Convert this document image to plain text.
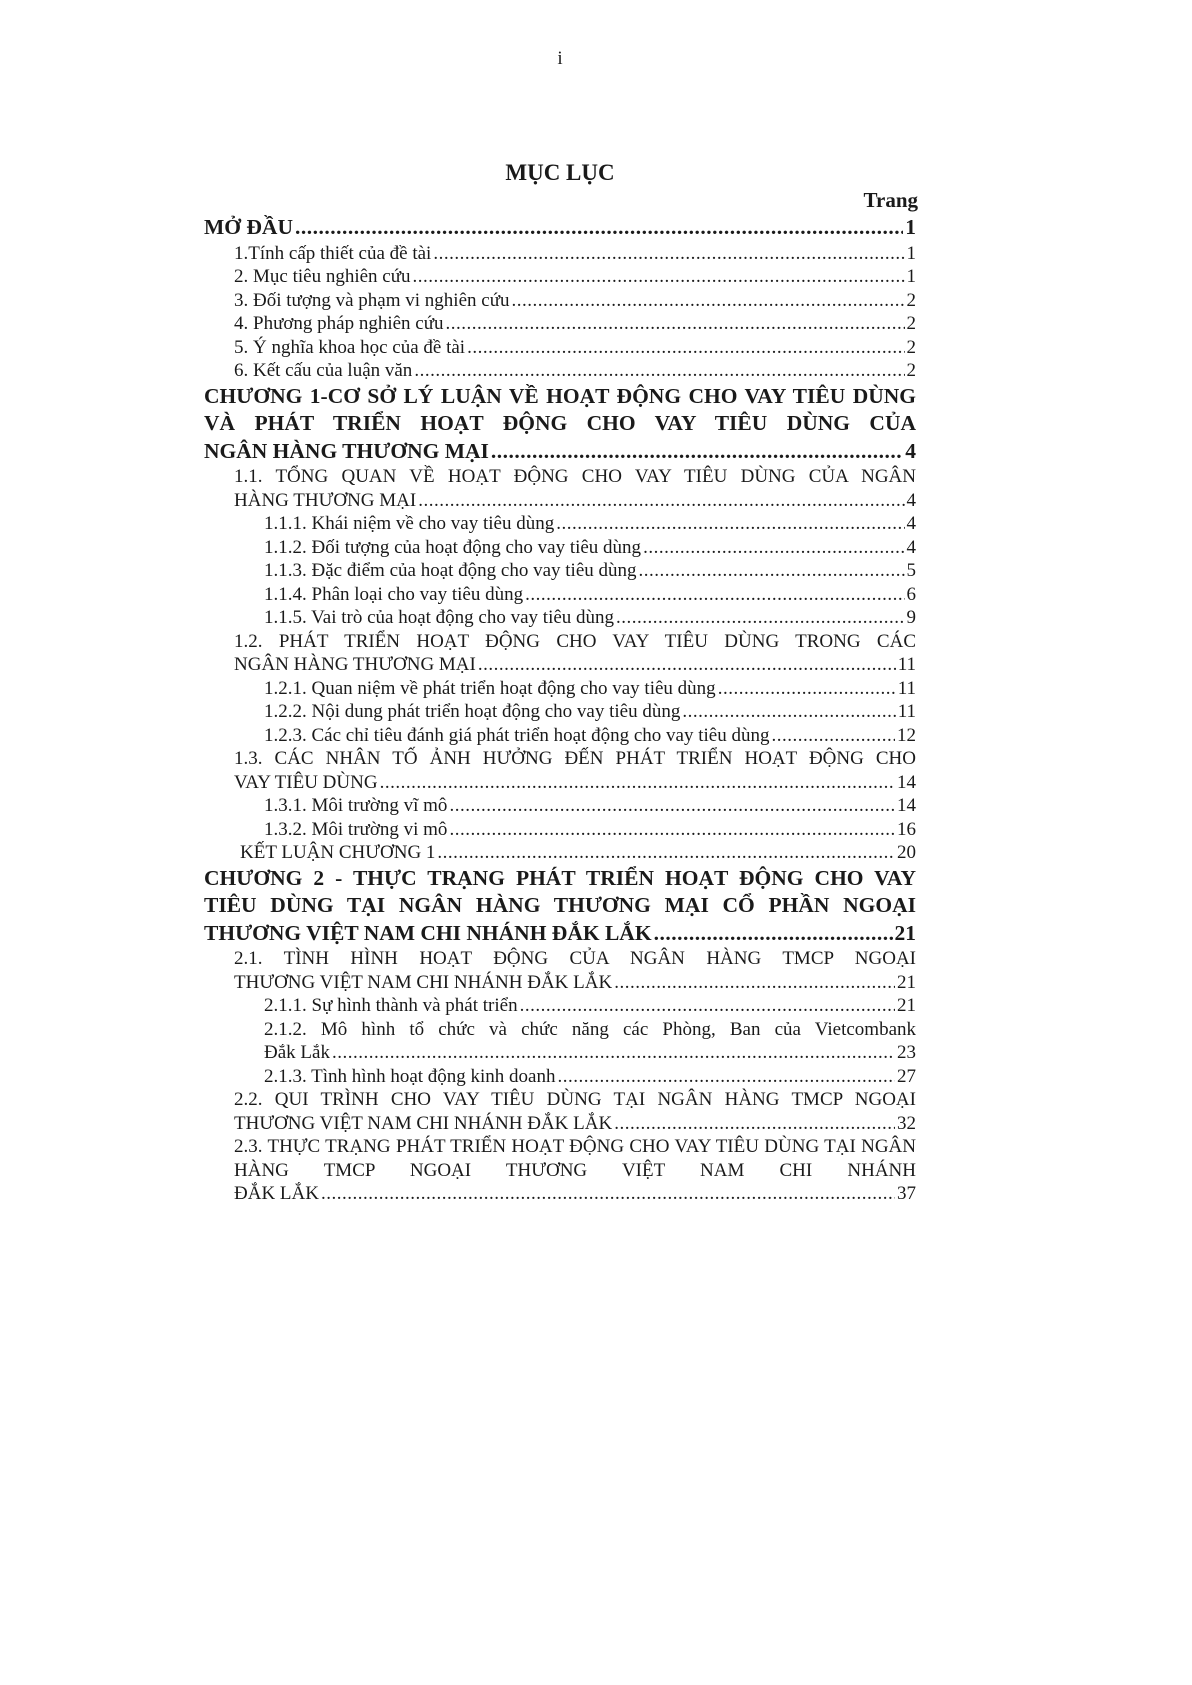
i
MỤC LỤC
Trang
MỞ ĐẦU .....	1
1.Tính cấp thiết của đề tài .....	1
2. Mục tiêu nghiên cứu .....	1
3. Đối tượng và phạm vi nghiên cứu .....	2
4. Phương pháp nghiên cứu .....	2
5. Ý nghĩa khoa học của đề tài .....	2
6. Kết cấu của luận văn .....	2
CHƯƠNG 1-CƠ SỞ LÝ LUẬN VỀ HOẠT ĐỘNG CHO VAY TIÊU DÙNG VÀ PHÁT TRIỂN HOẠT ĐỘNG CHO VAY TIÊU DÙNG CỦA
NGÂN HÀNG THƯƠNG MẠI .....	4
1.1. TỔNG QUAN VỀ HOẠT ĐỘNG CHO VAY TIÊU DÙNG CỦA NGÂN
HÀNG THƯƠNG MẠI .....	4
1.1.1. Khái niệm về cho vay tiêu dùng .....	4
1.1.2. Đối tượng của hoạt động cho vay tiêu dùng .....	4
1.1.3. Đặc điểm của hoạt động cho vay tiêu dùng .....	5
1.1.4. Phân loại cho vay tiêu dùng .....	6
1.1.5. Vai trò của hoạt động cho vay tiêu dùng .....	9
1.2. PHÁT TRIỂN HOẠT ĐỘNG CHO VAY TIÊU DÙNG TRONG CÁC
NGÂN HÀNG THƯƠNG MẠI .....	11
1.2.1. Quan niệm về phát triển hoạt động cho vay tiêu dùng .....	11
1.2.2. Nội dung phát triển hoạt động cho vay tiêu dùng .....	11
1.2.3. Các chỉ tiêu đánh giá phát triển hoạt động cho vay tiêu dùng .....	12
1.3. CÁC NHÂN TỐ ẢNH HƯỞNG ĐẾN PHÁT TRIỂN HOẠT ĐỘNG CHO
VAY TIÊU DÙNG .....	14
1.3.1. Môi trường vĩ mô .....	14
1.3.2. Môi trường vi mô .....	16
KẾT LUẬN CHƯƠNG 1 .....	20
CHƯƠNG 2 - THỰC TRẠNG PHÁT TRIỂN HOẠT ĐỘNG CHO VAY TIÊU DÙNG TẠI NGÂN HÀNG THƯƠNG MẠI CỔ PHẦN NGOẠI
THƯƠNG VIỆT NAM CHI NHÁNH ĐẮK LẮK .....	21
2.1. TÌNH HÌNH HOẠT ĐỘNG CỦA NGÂN HÀNG TMCP NGOẠI
THƯƠNG VIỆT NAM CHI NHÁNH ĐẮK LẮK .....	21
2.1.1. Sự hình thành và phát triển .....	21
2.1.2. Mô hình tổ chức và chức năng các Phòng, Ban của Vietcombank
Đắk Lắk .....	23
2.1.3. Tình hình hoạt động kinh doanh .....	27
2.2. QUI TRÌNH CHO VAY TIÊU DÙNG TẠI NGÂN HÀNG TMCP NGOẠI
THƯƠNG VIỆT NAM CHI NHÁNH ĐẮK LẮK .....	32
2.3. THỰC TRẠNG PHÁT TRIỂN HOẠT ĐỘNG CHO VAY TIÊU DÙNG TẠI NGÂN HÀNG TMCP NGOẠI THƯƠNG VIỆT NAM CHI NHÁNH
ĐẮK LẮK .....	37
